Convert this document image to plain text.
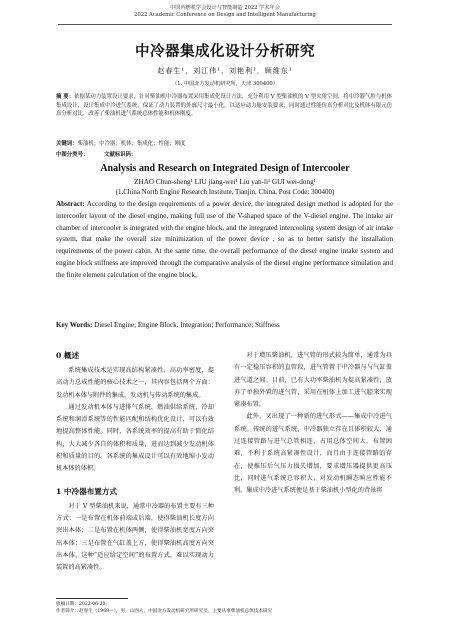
中国内燃机学会设计与智能制造 2022 学术年会
2022 Academic Conference on Design and Intelligent Manufacturing
中冷器集成化设计分析研究
赵春生¹，刘江伟¹，刘艳利¹，顾维东¹
（1. 中国北方发动机研究所，天津 300400）
摘 要：依据某动力装置设计要求，针对柴油机中冷器布置采用集成化设计方法，充分利用 V 型柴油机的 V 型夹角空间，将中冷器气腔与机体集成设计，设计集成中冷进气系统，保证了动力装置的外廓尺寸最小化，以适应动力舱安装要求；同时通过性能仿真分析对比及机体有限元仿真分析对比，改善了柴油机进气系统总体性能和机体刚度。
关键词：柴油机；中冷器；机体；集成化；性能；刚度
中图分类号：	文献标识码：
Analysis and Research on Integrated Design of Intercooler
ZHAO Chun-sheng¹ LIU jiang-wei¹ Liu yan-li¹ GUI wei-dong¹
(1.China North Engine Research Institute, Tianjin, China, Post Code: 300400)
Abstract: According to the design requirements of a power device, the integrated design method is adopted for the intercooler layout of the diesel engine, making full use of the V-shaped space of the V-diesel engine. The intake air chamber of intercooler is integrated with the engine block, and the integrated intercooling system design of air intake system, that make the overall size minimization of the power device , so as to better satisfy the installation requirements of the power cabin. At the same time, the overall performance of the diesel engine intake system and engine block stiffness are improved through the comparative analysis of the diesel engine performance simulation and the finite element calculation of the engine block。
Key Words: Diesel Engine; Engine Block, Integration; Performance; Stiffness
0 概述

系统集成技术是实现高结构紧凑性、高功率密度，提高动力总成性能的核心技术之一，其内容包括两个方面：发动机本体与附件的集成，发动机与传动系统的集成。

通过发动机本体与进排气系统、燃油供给系统、冷却系统和润滑系统等的性能匹配和结构优化设计，可以有效地提高整体性能。同时，各系统效率的提高有助于简化结构，大大减少各自的体积和质量，进而达到减少发动机体积和质量的目的。各系统的集成设计可以有效地缩小发动机本体的体积。

1 中冷器布置方式

对于 V 型柴油机来说，通常中冷器的布置主要有三种方式：一是布置在机体前端或后端，使得柴油机长度方向突出本体；二是布置在机体两侧，使得柴油机宽度方向突出本体；三是布置在气缸盖上方，使得柴油机高度方向突出本体。这种“适应给定空间”的布置方式，难以实现动力装置的高紧凑性。

对于增压柴油机，进气管的形式较为简单，通常为具有一定稳压容积的直管段，进气管置于中冷器与与气缸盖进气道之间。目前，已有大功率柴油机为提高紧凑性，放弃了单独外置的进气管，采用在机体上加工进气腔来实现紧凑布置。

此外，又出现了一种新的进气形式——集成中冷进气系统。传统的进气系统，中冷器独立存在且体积较大，通过连接管路与进气总管相连，占用总体空间大，布置困难，不利于系统高紧凑性设计，而且由于连接管路的存在，使推压后气压力损失增加，要求增压器提供更高压比，同时进气系统总容积大，对发动机瞬态响应性能不利。集成中冷进气系统便是基于柴油机小型化的背景将

收稿日期：2022-06-20;
作者简介：赵春生（1968—），男，山西人，中国北方发动机研究所研究员，主要从事柴油机总体技术研究
